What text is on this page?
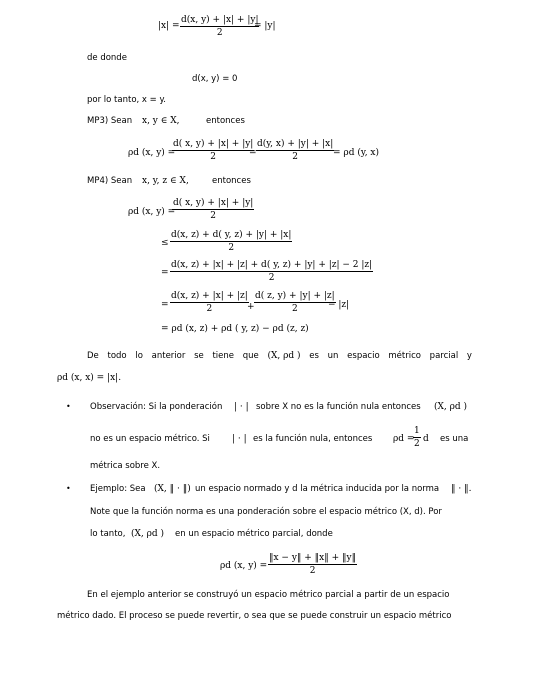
$|x| = \frac{d(x, y) + |x| + |y|}{2}$
= |y|
de donde
d(x, y) = 0
por lo tanto, x = y.
MP3) Sean x, y ∈ X,	entonces
ρd (x, y) =
$\frac{d( x, y) + |x| + |y|}{2}$
= $\frac{d(y, x) + |y| + |x|}{2}$
= ρd (y, x)
MP4) Sean x, y, z ∈ X,	entonces
ρd (x, y) =
$\frac{d( x, y) + |x| + |y|}{2}$
≤ $\frac{d(x, z) + d( y, z) + |y| + |x|}{2}$
= $\frac{d(x, z) + |x| + |z| + d( y, z) + |y| + |z| - 2 |z|}{2}$
= $\frac{d(x, z) + |x| + |z|}{2}$
+ $\frac{d( z, y) + |y| + |z|}{2}$
− |z|
= ρd (x, z) + ρd ( y, z) − ρd (z, z)
De todo lo anterior se tiene que (X, ρd ) es un espacio métrico parcial y
ρd (x, x) = |x|.
• Observación: Si la ponderación | · | sobre X no es la función nula entonces (X, ρd )
no es un espacio métrico. Si | · | es la función nula, entonces ρd =
$\frac{1}{2}$ d es una
métrica sobre X.
• Ejemplo: Sea (X, ‖ · ‖) un espacio normado y d la métrica inducida por la norma ‖ · ‖.
Note que la función norma es una ponderación sobre el espacio métrico (X, d). Por
lo tanto, (X, ρd ) en un espacio métrico parcial, donde
ρd (x, $y) = \frac{‖x - y‖ + ‖x‖ + ‖y‖}{2}$
En el ejemplo anterior se construyó un espacio métrico parcial a partir de un espacio
métrico dado. El proceso se puede revertir, o sea que se puede construir un espacio métrico
